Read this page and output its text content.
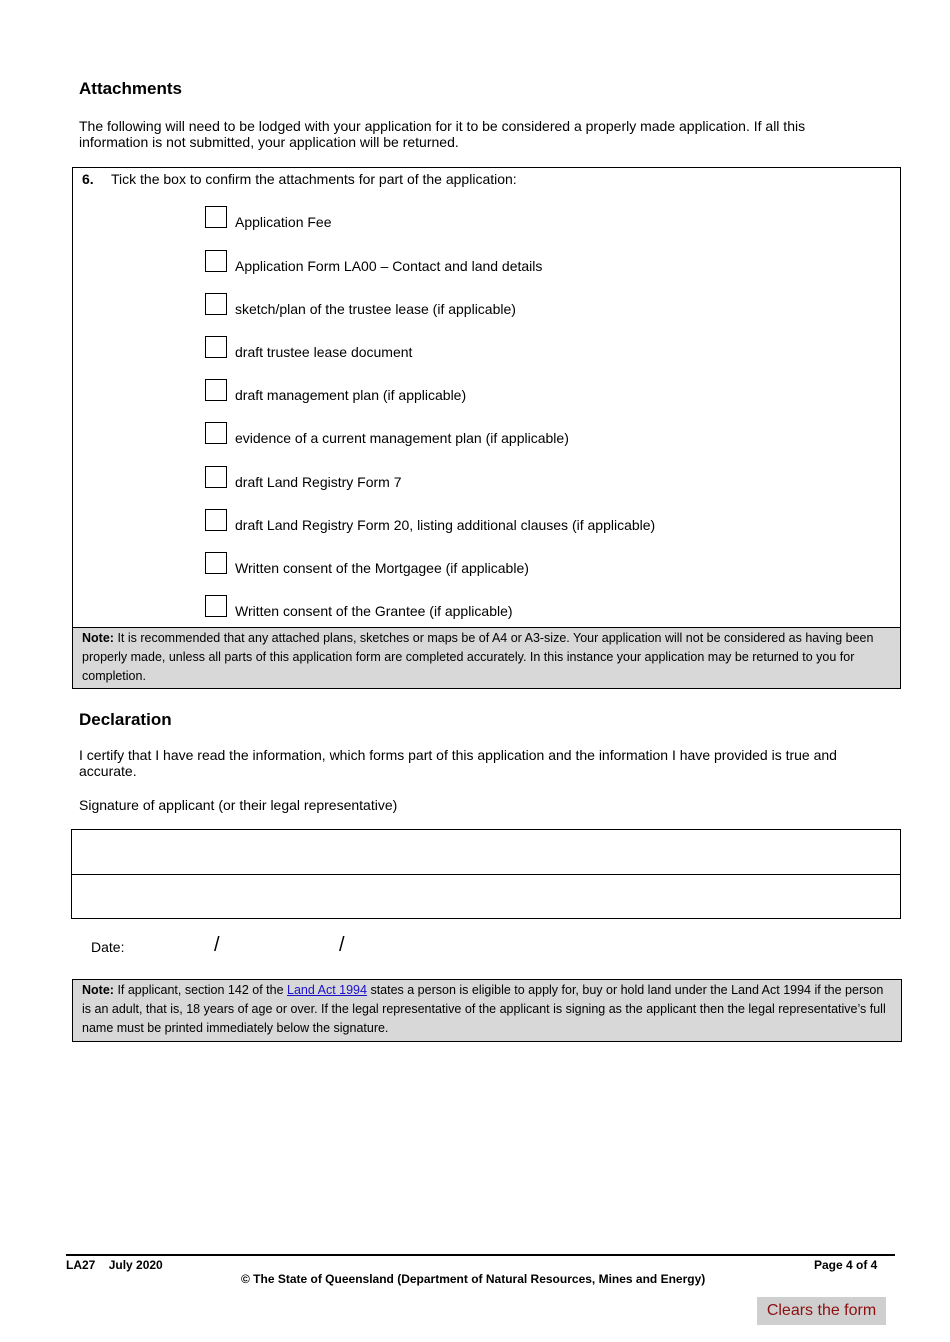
Attachments
The following will need to be lodged with your application for it to be considered a properly made application. If all this information is not submitted, your application will be returned.
6. Tick the box to confirm the attachments for part of the application:
Application Fee
Application Form LA00 – Contact and land details
sketch/plan of the trustee lease (if applicable)
draft trustee lease document
draft management plan (if applicable)
evidence of a current management plan (if applicable)
draft Land Registry Form 7
draft Land Registry Form 20, listing additional clauses (if applicable)
Written consent of the Mortgagee (if applicable)
Written consent of the Grantee (if applicable)
Note: It is recommended that any attached plans, sketches or maps be of A4 or A3-size. Your application will not be considered as having been properly made, unless all parts of this application form are completed accurately. In this instance your application may be returned to you for completion.
Declaration
I certify that I have read the information, which forms part of this application and the information I have provided is true and accurate.
Signature of applicant (or their legal representative)
Date:	/	/
Note: If applicant, section 142 of the Land Act 1994 states a person is eligible to apply for, buy or hold land under the Land Act 1994 if the person is an adult, that is, 18 years of age or over. If the legal representative of the applicant is signing as the applicant then the legal representative’s full name must be printed immediately below the signature.
LA27 July 2020	Page 4 of 4
© The State of Queensland (Department of Natural Resources, Mines and Energy)
Clears the form
